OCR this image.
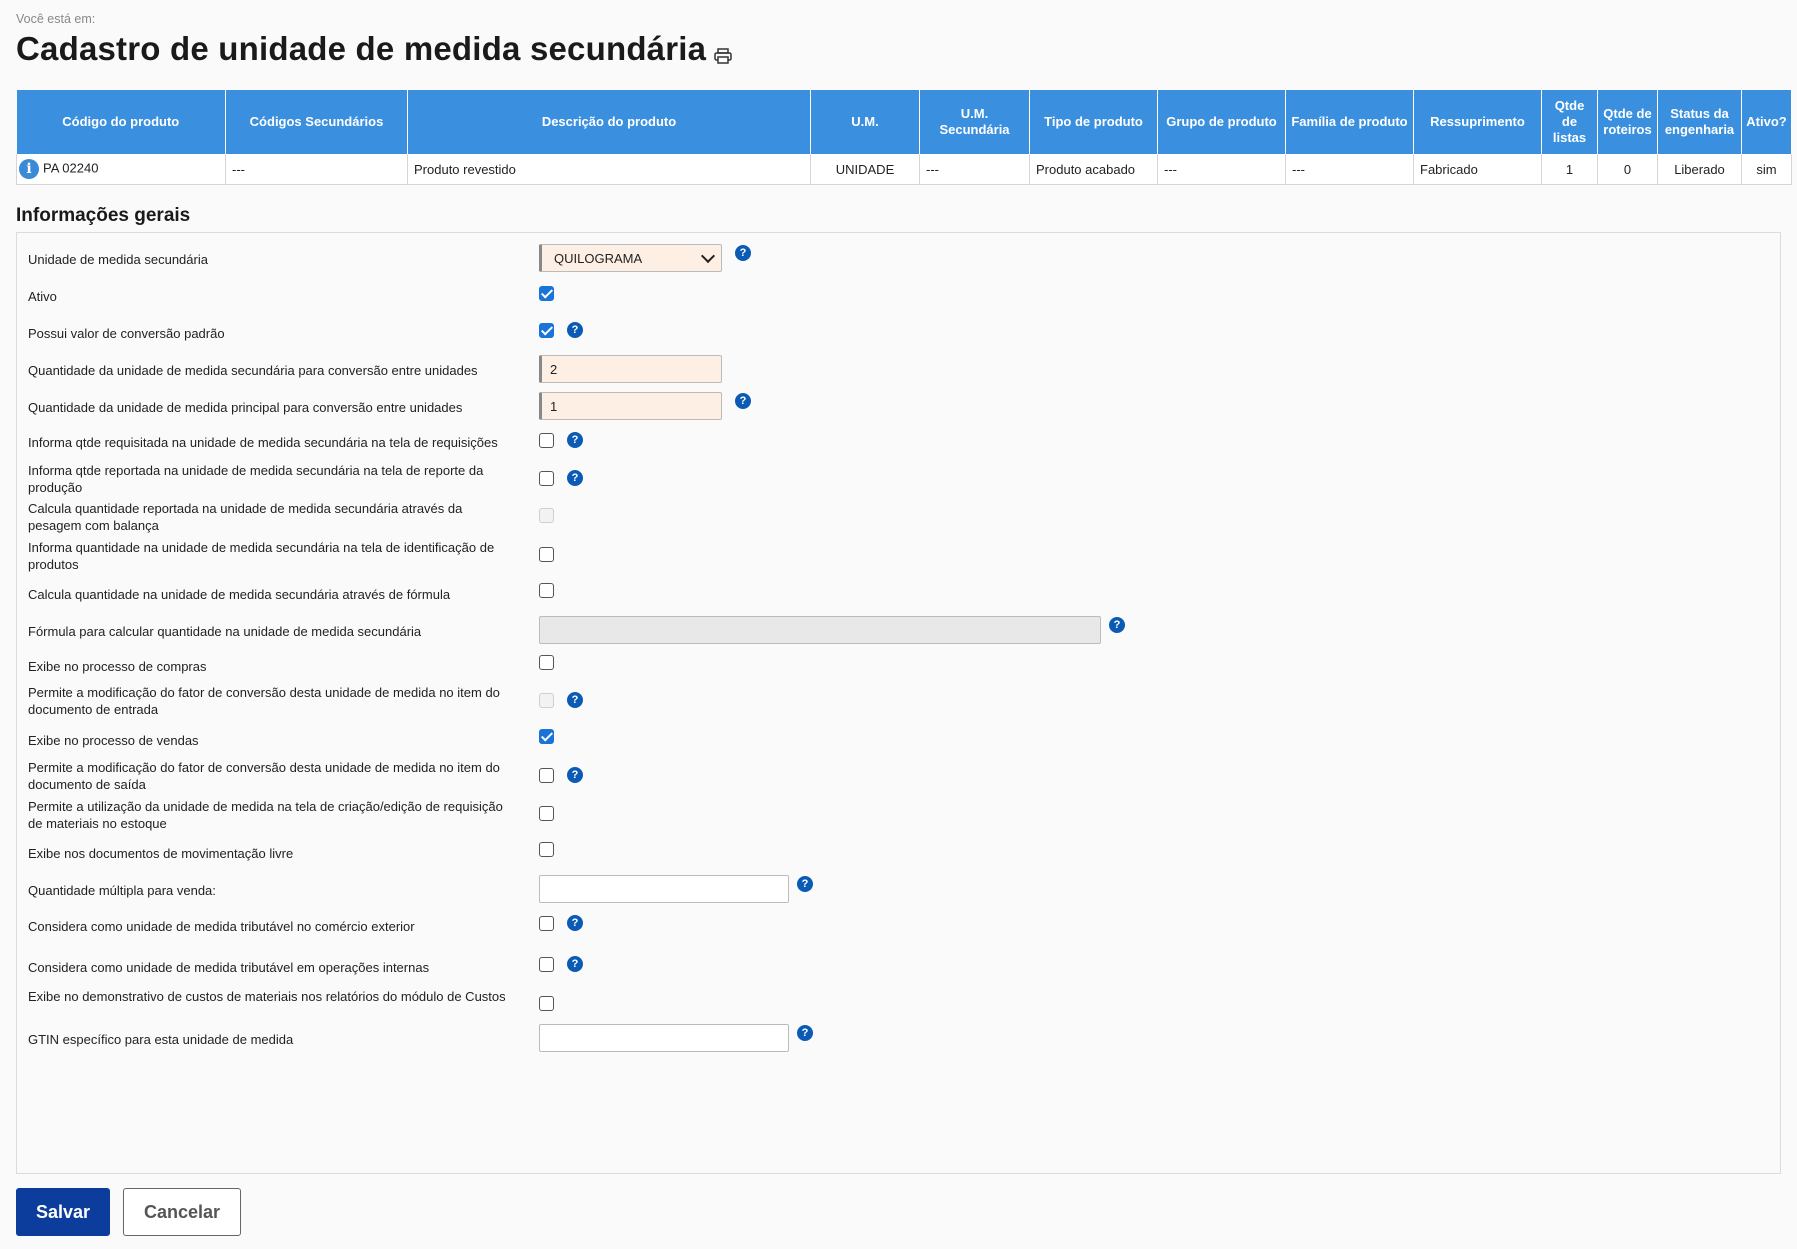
Você está em:
Cadastro de unidade de medida secundária
Código do produto	Códigos Secundários	Descrição do produto	U.M.	U.M. Secundária	Tipo de produto	Grupo de produto	Família de produto	Ressuprimento	Qtde de listas	Qtde de roteiros	Status da engenharia	Ativo?
i PA 02240	---	Produto revestido	UNIDADE	---	Produto acabado	---	---	Fabricado	1	0	Liberado	sim
Informações gerais
Unidade de medida secundária	QUILOGRAMA	?
Ativo
Possui valor de conversão padrão	?
Quantidade da unidade de medida secundária para conversão entre unidades	2
Quantidade da unidade de medida principal para conversão entre unidades	1	?
Informa qtde requisitada na unidade de medida secundária na tela de requisições	?
Informa qtde reportada na unidade de medida secundária na tela de reporte da produção
?
Calcula quantidade reportada na unidade de medida secundária através da pesagem com balança
Informa quantidade na unidade de medida secundária na tela de identificação de produtos
Calcula quantidade na unidade de medida secundária através de fórmula
Fórmula para calcular quantidade na unidade de medida secundária	?
Exibe no processo de compras
Permite a modificação do fator de conversão desta unidade de medida no item do documento de entrada
?
Exibe no processo de vendas
Permite a modificação do fator de conversão desta unidade de medida no item do documento de saída
?
Permite a utilização da unidade de medida na tela de criação/edição de requisição de materiais no estoque
Exibe nos documentos de movimentação livre
Quantidade múltipla para venda:	?
Considera como unidade de medida tributável no comércio exterior	?
Considera como unidade de medida tributável em operações internas	?
Exibe no demonstrativo de custos de materiais nos relatórios do módulo de Custos
GTIN específico para esta unidade de medida	?
Salvar	Cancelar
